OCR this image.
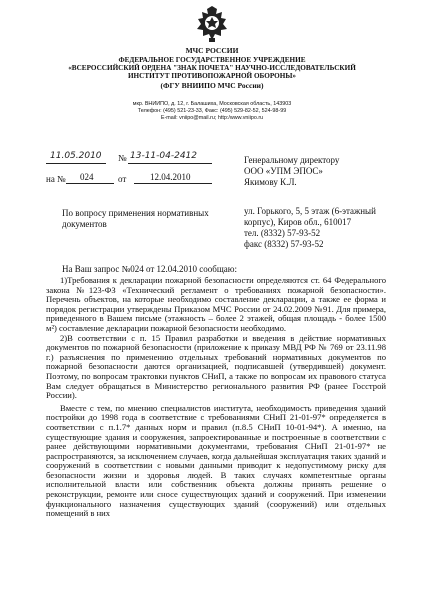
МЧС РОССИИ
ФЕДЕРАЛЬНОЕ ГОСУДАРСТВЕННОЕ УЧРЕЖДЕНИЕ
«ВСЕРОССИЙСКИЙ ОРДЕНА "ЗНАК ПОЧЕТА" НАУЧНО-ИССЛЕДОВАТЕЛЬСКИЙ
ИНСТИТУТ ПРОТИВОПОЖАРНОЙ ОБОРОНЫ»
(ФГУ ВНИИПО МЧС России)
мкр. ВНИИПО, д. 12, г. Балашиха, Московская область, 143903
Телефон: (495) 521-23-33, Факс: (495) 529-82-52, 524-98-99
E-mail: vniipo@mail.ru; http:/www.vniipo.ru
11.05.2010 № 13-11-04-2412
на № 024	от	12.04.2010
Генеральному директору
ООО «УПМ ЭПОС»
Якимову К.Л.
По вопросу применения нормативных
документов
ул. Горького, 5, 5 этаж (6-этажный
корпус), Киров обл., 610017
тел. (8332) 57-93-52
факс (8332) 57-93-52
На Ваш запрос №024 от 12.04.2010 сообщаю:

1)Требования к декларации пожарной безопасности определяются ст. 64 Федерального закона №123-ФЗ «Технический регламент о требованиях пожарной безопасности». Перечень объектов, на которые необходимо составление декларации, а также ее форма и порядок регистрации утверждены Приказом МЧС России от 24.02.2009 №91. Для примера, приведенного в Вашем письме (этажность – более 2 этажей, общая площадь - более 1500 м²) составление декларации пожарной безопасности необходимо.

2)В соответствии с п. 15 Правил разработки и введения в действие нормативных документов по пожарной безопасности (приложение к приказу МВД РФ № 769 от 23.11.98 г.) разъяснения по применению отдельных требований нормативных документов по пожарной безопасности даются организацией, подписавшей (утвердившей) документ. Поэтому, по вопросам трактовки пунктов СНиП, а также по вопросам их правового статуса Вам следует обращаться в Министерство регионального развития РФ (ранее Госстрой России).

Вместе с тем, по мнению специалистов института, необходимость приведения зданий постройки до 1998 года в соответствие с требованиями СНиП 21-01-97* определяется в соответствии с п.1.7* данных норм и правил (п.8.5 СНиП 10-01-94*). А именно, на существующие здания и сооружения, запроектированные и построенные в соответствии с ранее действующими нормативными документами, требования СНиП 21-01-97* не распространяются, за исключением случаев, когда дальнейшая эксплуатация таких зданий и сооружений в соответствии с новыми данными приводит к недопустимому риску для безопасности жизни и здоровья людей. В таких случаях компетентные органы исполнительной власти или собственник объекта должны принять решение о реконструкции, ремонте или сносе существующих зданий и сооружений. При изменении функционального назначения существующих зданий (сооружений) или отдельных помещений в них
